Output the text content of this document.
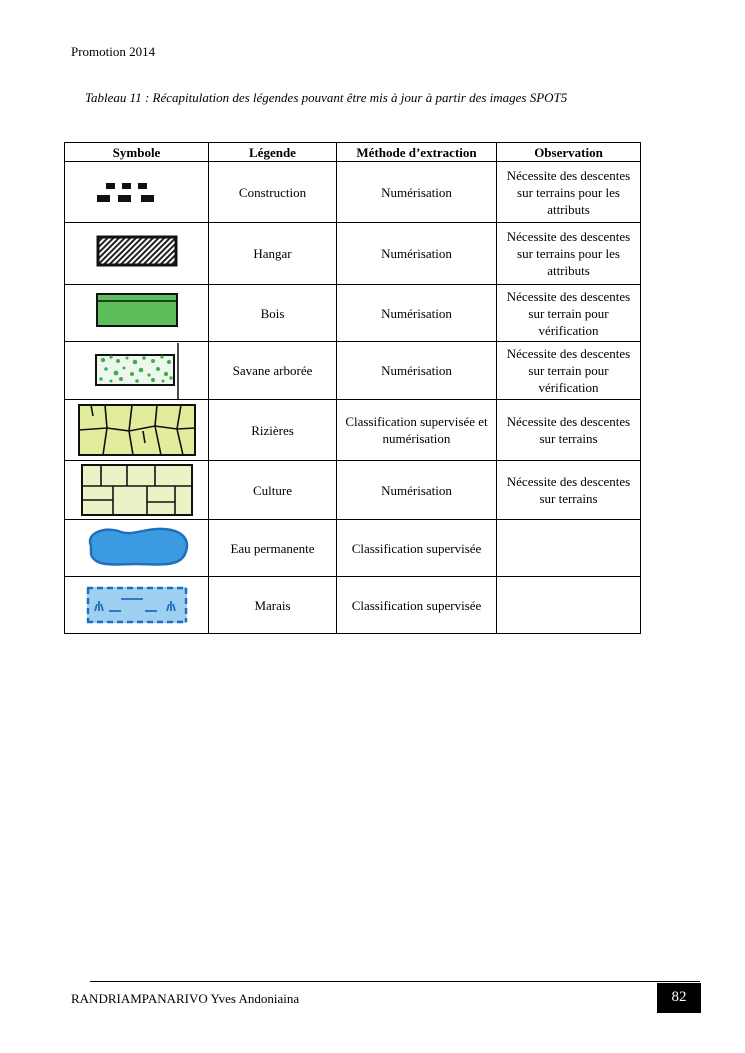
Promotion 2014
Tableau 11 : Récapitulation des légendes pouvant être mis à jour à partir des images SPOT5
Symbole	Légende	Méthode d’extraction	Observation

	Construction	Numérisation	Nécessite des descentes sur terrains pour les attributs

	Hangar	Numérisation	Nécessite des descentes sur terrains pour les attributs

	Bois	Numérisation	Nécessite des descentes sur terrain pour vérification

	Savane arborée	Numérisation	Nécessite des descentes sur terrain pour vérification

	Rizières	Classification supervisée et numérisation	Nécessite des descentes sur terrains

	Culture	Numérisation	Nécessite des descentes sur terrains

	Eau permanente	Classification supervisée	

	Marais	Classification supervisée	
RANDRIAMPANARIVO Yves Andoniaina	82
